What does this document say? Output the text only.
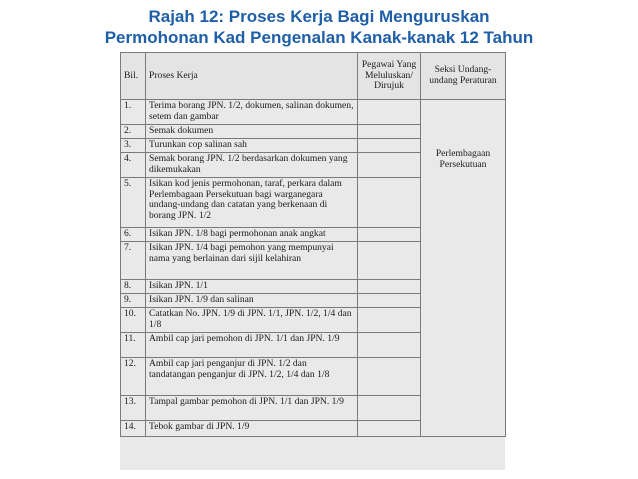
Rajah 12: Proses Kerja Bagi Menguruskan
Permohonan Kad Pengenalan Kanak-kanak 12 Tahun
Bil.	Proses Kerja	Pegawai Yang Meluluskan/ Dirujuk	Seksi Undang-undang Peraturan
1.	Terima borang JPN. 1/2, dokumen, salinan dokumen, setem dan gambar		Perlembagaan Persekutuan

2.	Semak dokumen		
3.	Turunkan cop salinan sah		
4.	Semak borang JPN. 1/2 berdasarkan dokumen yang dikemukakan		
5.	Isikan kod jenis permohonan, taraf, perkara dalam Perlembagaan Persekutuan bagi warganegara undang-undang dan catatan yang berkenaan di borang JPN. 1/2		
6.	Isikan JPN. 1/8 bagi permohonan anak angkat		
7.	Isikan JPN. 1/4 bagi pemohon yang mempunyai nama yang berlainan dari sijil kelahiran		
8.	Isikan JPN. 1/1		
9.	Isikan JPN. 1/9 dan salinan		
10.	Catatkan No. JPN. 1/9 di JPN. 1/1, JPN. 1/2, 1/4 dan 1/8		
11.	Ambil cap jari pemohon di JPN. 1/1 dan JPN. 1/9		
12.	Ambil cap jari penganjur di JPN. 1/2 dan tandatangan penganjur di JPN. 1/2, 1/4 dan 1/8		
13.	Tampal gambar pemohon di JPN. 1/1 dan JPN. 1/9		
14.	Tebok gambar di JPN. 1/9		
